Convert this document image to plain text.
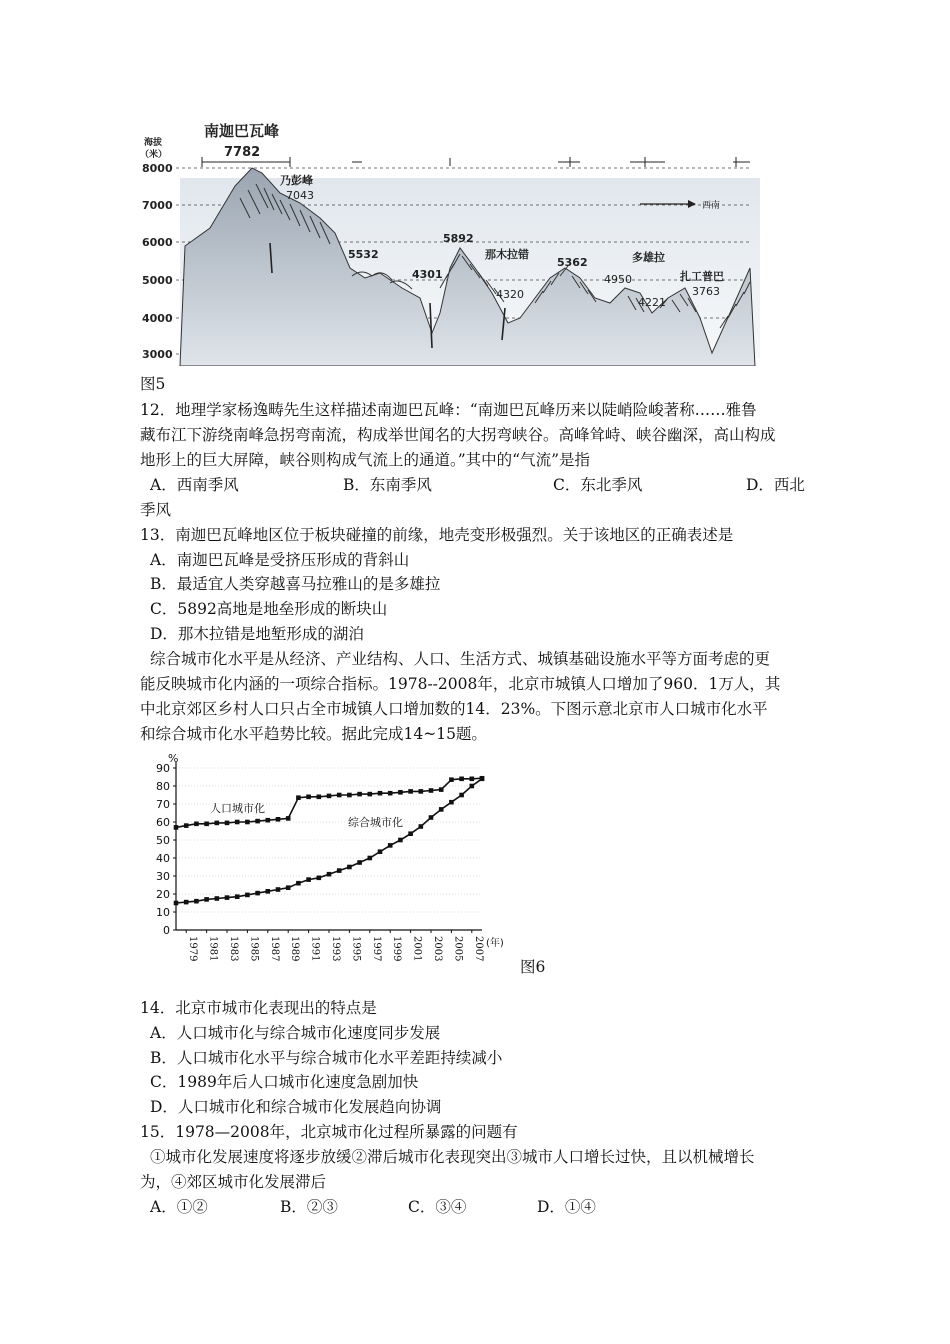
西南
南迦巴瓦峰
海拔
（米）
8000
7000
6000
5000
4000
3000
7782
乃彭峰
7043
5532
4301
5892
那木拉错
4320
5362
4950
多雄拉
4221
扎工普巴
3763
图5
12．地理学家杨逸畴先生这样描述南迦巴瓦峰：“南迦巴瓦峰历来以陡峭险峻著称……雅鲁
藏布江下游绕南峰急拐弯南流，构成举世闻名的大拐弯峡谷。高峰耸峙、峡谷幽深，高山构成
地形上的巨大屏障，峡谷则构成气流上的通道。”其中的“气流”是指
A．西南季风	B．东南季风	C．东北季风	D．西北
季风
13．南迦巴瓦峰地区位于板块碰撞的前缘，地壳变形极强烈。关于该地区的正确表述是
A．南迦巴瓦峰是受挤压形成的背斜山
B．最适宜人类穿越喜马拉雅山的是多雄拉
C．5892高地是地垒形成的断块山
D．那木拉错是地堑形成的湖泊
综合城市化水平是从经济、产业结构、人口、生活方式、城镇基础设施水平等方面考虑的更
能反映城市化内涵的一项综合指标。1978--2008年，北京市城镇人口增加了960．1万人，其
中北京郊区乡村人口只占全市城镇人口增加数的14．23%。下图示意北京市人口城市化水平
和综合城市化水平趋势比较。据此完成14~15题。
0
10
20
30
40
50
60
70
80
90
1979 1981 1983 1985 1987 1989 1991 1993 1995 1997 1999 2001 2003 2005 2007
%
(年)
人口城市化
综合城市化
图6
14．北京市城市化表现出的特点是
A．人口城市化与综合城市化速度同步发展
B．人口城市化水平与综合城市化水平差距持续减小
C．1989年后人口城市化速度急剧加快
D．人口城市化和综合城市化发展趋向协调
15．1978—2008年，北京城市化过程所暴露的问题有
①城市化发展速度将逐步放缓②滞后城市化表现突出③城市人口增长过快，且以机械增长
为，④郊区城市化发展滞后
A．①②	B．②③	C．③④	D．①④
